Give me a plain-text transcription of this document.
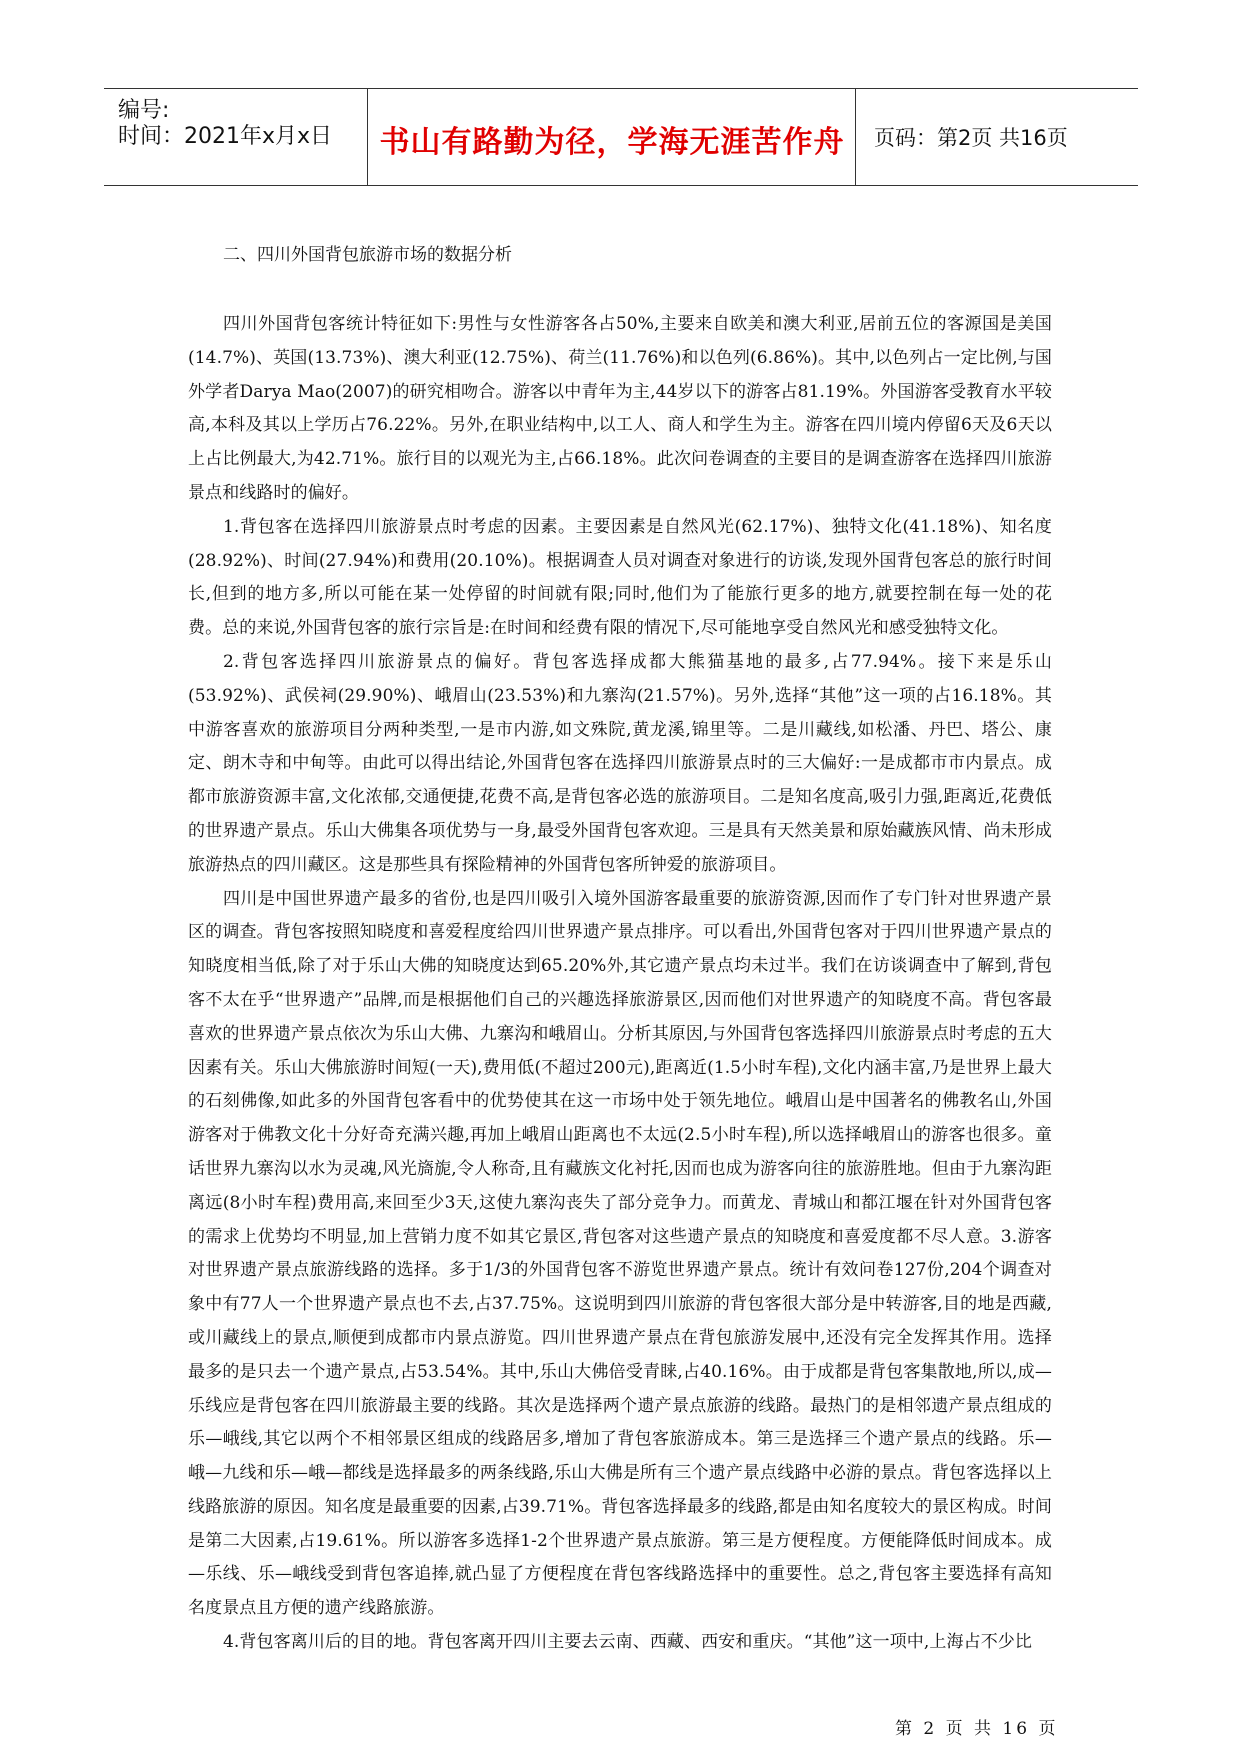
编号:
时间：2021年x月x日	书山有路勤为径，学海无涯苦作舟	页码：第2页 共16页
二、四川外国背包旅游市场的数据分析

四川外国背包客统计特征如下:男性与女性游客各占50%,主要来自欧美和澳大利亚,居前五位的客源国是美国(14.7%)、英国(13.73%)、澳大利亚(12.75%)、荷兰(11.76%)和以色列(6.86%)。其中,以色列占一定比例,与国外学者Darya Mao(2007)的研究相吻合。游客以中青年为主,44岁以下的游客占81.19%。外国游客受教育水平较高,本科及其以上学历占76.22%。另外,在职业结构中,以工人、商人和学生为主。游客在四川境内停留6天及6天以上占比例最大,为42.71%。旅行目的以观光为主,占66.18%。此次问卷调查的主要目的是调查游客在选择四川旅游景点和线路时的偏好。

1.背包客在选择四川旅游景点时考虑的因素。主要因素是自然风光(62.17%)、独特文化(41.18%)、知名度(28.92%)、时间(27.94%)和费用(20.10%)。根据调查人员对调查对象进行的访谈,发现外国背包客总的旅行时间长,但到的地方多,所以可能在某一处停留的时间就有限;同时,他们为了能旅行更多的地方,就要控制在每一处的花费。总的来说,外国背包客的旅行宗旨是:在时间和经费有限的情况下,尽可能地享受自然风光和感受独特文化。

2.背包客选择四川旅游景点的偏好。背包客选择成都大熊猫基地的最多,占77.94%。接下来是乐山(53.92%)、武侯祠(29.90%)、峨眉山(23.53%)和九寨沟(21.57%)。另外,选择“其他”这一项的占16.18%。其中游客喜欢的旅游项目分两种类型,一是市内游,如文殊院,黄龙溪,锦里等。二是川藏线,如松潘、丹巴、塔公、康定、朗木寺和中甸等。由此可以得出结论,外国背包客在选择四川旅游景点时的三大偏好:一是成都市市内景点。成都市旅游资源丰富,文化浓郁,交通便捷,花费不高,是背包客必选的旅游项目。二是知名度高,吸引力强,距离近,花费低的世界遗产景点。乐山大佛集各项优势与一身,最受外国背包客欢迎。三是具有天然美景和原始藏族风情、尚未形成旅游热点的四川藏区。这是那些具有探险精神的外国背包客所钟爱的旅游项目。

四川是中国世界遗产最多的省份,也是四川吸引入境外国游客最重要的旅游资源,因而作了专门针对世界遗产景区的调查。背包客按照知晓度和喜爱程度给四川世界遗产景点排序。可以看出,外国背包客对于四川世界遗产景点的知晓度相当低,除了对于乐山大佛的知晓度达到65.20%外,其它遗产景点均未过半。我们在访谈调查中了解到,背包客不太在乎“世界遗产”品牌,而是根据他们自己的兴趣选择旅游景区,因而他们对世界遗产的知晓度不高。背包客最喜欢的世界遗产景点依次为乐山大佛、九寨沟和峨眉山。分析其原因,与外国背包客选择四川旅游景点时考虑的五大因素有关。乐山大佛旅游时间短(一天),费用低(不超过200元),距离近(1.5小时车程),文化内涵丰富,乃是世界上最大的石刻佛像,如此多的外国背包客看中的优势使其在这一市场中处于领先地位。峨眉山是中国著名的佛教名山,外国游客对于佛教文化十分好奇充满兴趣,再加上峨眉山距离也不太远(2.5小时车程),所以选择峨眉山的游客也很多。童话世界九寨沟以水为灵魂,风光旖旎,令人称奇,且有藏族文化衬托,因而也成为游客向往的旅游胜地。但由于九寨沟距离远(8小时车程)费用高,来回至少3天,这使九寨沟丧失了部分竞争力。而黄龙、青城山和都江堰在针对外国背包客的需求上优势均不明显,加上营销力度不如其它景区,背包客对这些遗产景点的知晓度和喜爱度都不尽人意。3.游客对世界遗产景点旅游线路的选择。多于1/3的外国背包客不游览世界遗产景点。统计有效问卷127份,204个调查对象中有77人一个世界遗产景点也不去,占37.75%。这说明到四川旅游的背包客很大部分是中转游客,目的地是西藏,或川藏线上的景点,顺便到成都市内景点游览。四川世界遗产景点在背包旅游发展中,还没有完全发挥其作用。选择最多的是只去一个遗产景点,占53.54%。其中,乐山大佛倍受青睐,占40.16%。由于成都是背包客集散地,所以,成—乐线应是背包客在四川旅游最主要的线路。其次是选择两个遗产景点旅游的线路。最热门的是相邻遗产景点组成的乐—峨线,其它以两个不相邻景区组成的线路居多,增加了背包客旅游成本。第三是选择三个遗产景点的线路。乐—峨—九线和乐—峨—都线是选择最多的两条线路,乐山大佛是所有三个遗产景点线路中必游的景点。背包客选择以上线路旅游的原因。知名度是最重要的因素,占39.71%。背包客选择最多的线路,都是由知名度较大的景区构成。时间是第二大因素,占19.61%。所以游客多选择1-2个世界遗产景点旅游。第三是方便程度。方便能降低时间成本。成—乐线、乐—峨线受到背包客追捧,就凸显了方便程度在背包客线路选择中的重要性。总之,背包客主要选择有高知名度景点且方便的遗产线路旅游。

4.背包客离川后的目的地。背包客离开四川主要去云南、西藏、西安和重庆。“其他”这一项中,上海占不少比

第 2 页 共 16 页
